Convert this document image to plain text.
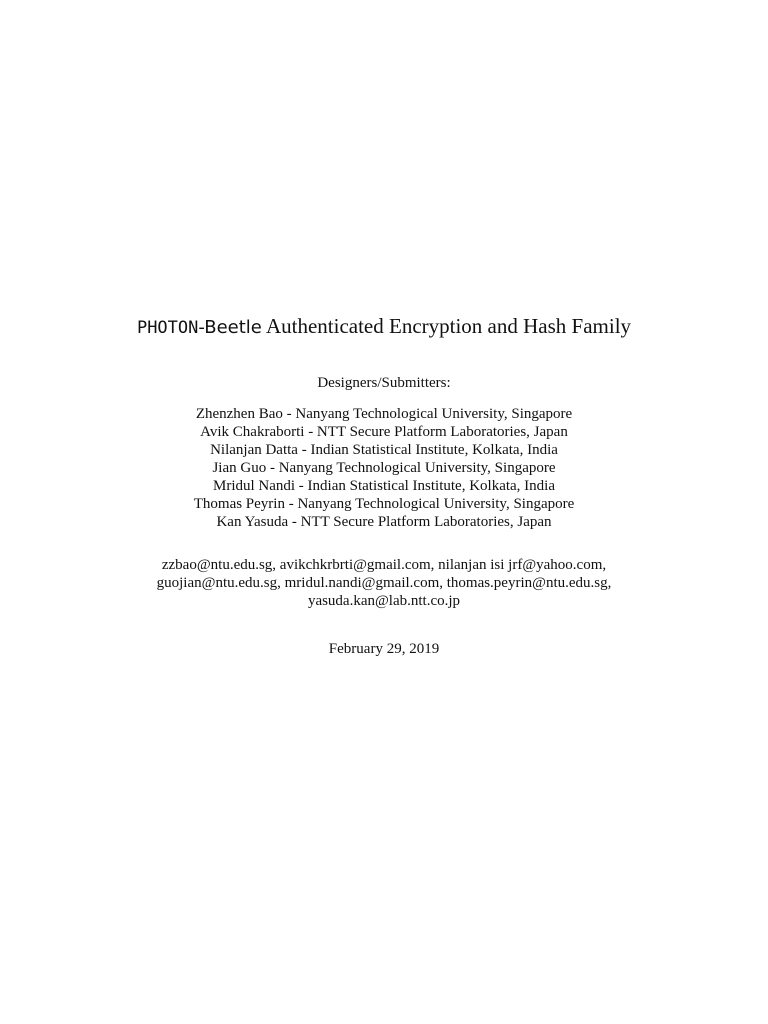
PHOTON-Beetle Authenticated Encryption and Hash Family
Designers/Submitters:
Zhenzhen Bao - Nanyang Technological University, Singapore
Avik Chakraborti - NTT Secure Platform Laboratories, Japan
Nilanjan Datta - Indian Statistical Institute, Kolkata, India
Jian Guo - Nanyang Technological University, Singapore
Mridul Nandi - Indian Statistical Institute, Kolkata, India
Thomas Peyrin - Nanyang Technological University, Singapore
Kan Yasuda - NTT Secure Platform Laboratories, Japan
zzbao@ntu.edu.sg, avikchkrbrti@gmail.com, nilanjan isi jrf@yahoo.com,
guojian@ntu.edu.sg, mridul.nandi@gmail.com, thomas.peyrin@ntu.edu.sg,
yasuda.kan@lab.ntt.co.jp
February 29, 2019
